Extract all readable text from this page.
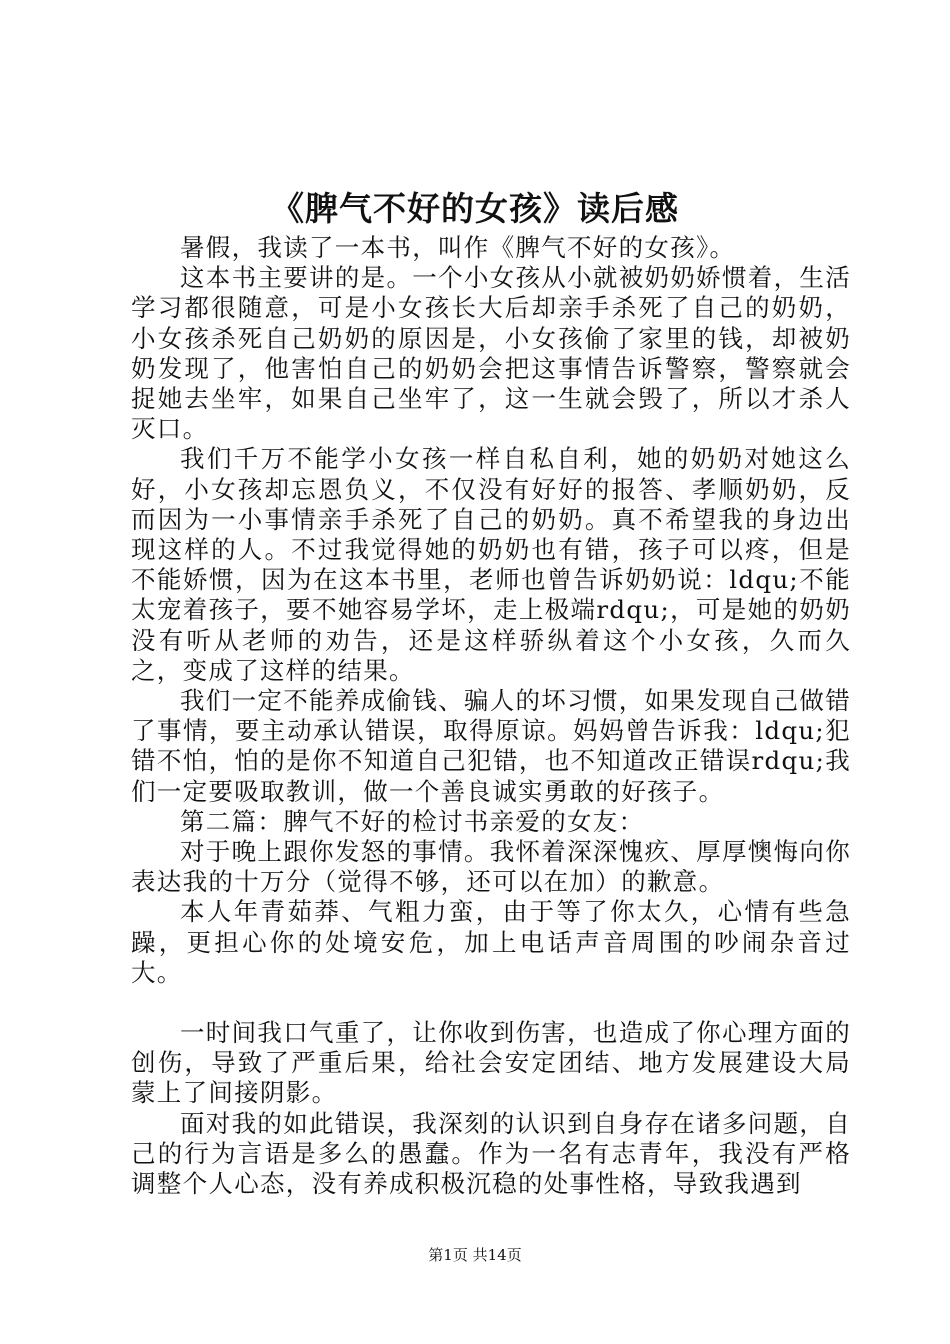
《脾气不好的女孩》读后感

暑假，我读了一本书，叫作《脾气不好的女孩》。

这本书主要讲的是。一个小女孩从小就被奶奶娇惯着，生活学习都很随意，可是小女孩长大后却亲手杀死了自己的奶奶，小女孩杀死自己奶奶的原因是，小女孩偷了家里的钱，却被奶奶发现了，他害怕自己的奶奶会把这事情告诉警察，警察就会捉她去坐牢，如果自己坐牢了，这一生就会毁了，所以才杀人灭口。

我们千万不能学小女孩一样自私自利，她的奶奶对她这么好，小女孩却忘恩负义，不仅没有好好的报答、孝顺奶奶，反而因为一小事情亲手杀死了自己的奶奶。真不希望我的身边出现这样的人。不过我觉得她的奶奶也有错，孩子可以疼，但是不能娇惯，因为在这本书里，老师也曾告诉奶奶说：ldqu;不能太宠着孩子，要不她容易学坏，走上极端rdqu;，可是她的奶奶没有听从老师的劝告，还是这样骄纵着这个小女孩，久而久之，变成了这样的结果。

我们一定不能养成偷钱、骗人的坏习惯，如果发现自己做错了事情，要主动承认错误，取得原谅。妈妈曾告诉我：ldqu;犯错不怕，怕的是你不知道自己犯错，也不知道改正错误rdqu;我们一定要吸取教训，做一个善良诚实勇敢的好孩子。

第二篇：脾气不好的检讨书亲爱的女友：

对于晚上跟你发怒的事情。我怀着深深愧疚、厚厚懊悔向你表达我的十万分（觉得不够，还可以在加）的歉意。

本人年青茹莽、气粗力蛮，由于等了你太久，心情有些急躁，更担心你的处境安危，加上电话声音周围的吵闹杂音过大。

一时间我口气重了，让你收到伤害，也造成了你心理方面的创伤，导致了严重后果，给社会安定团结、地方发展建设大局蒙上了间接阴影。

面对我的如此错误，我深刻的认识到自身存在诸多问题，自己的行为言语是多么的愚蠢。作为一名有志青年，我没有严格调整个人心态，没有养成积极沉稳的处事性格，导致我遇到

第1页 共14页
